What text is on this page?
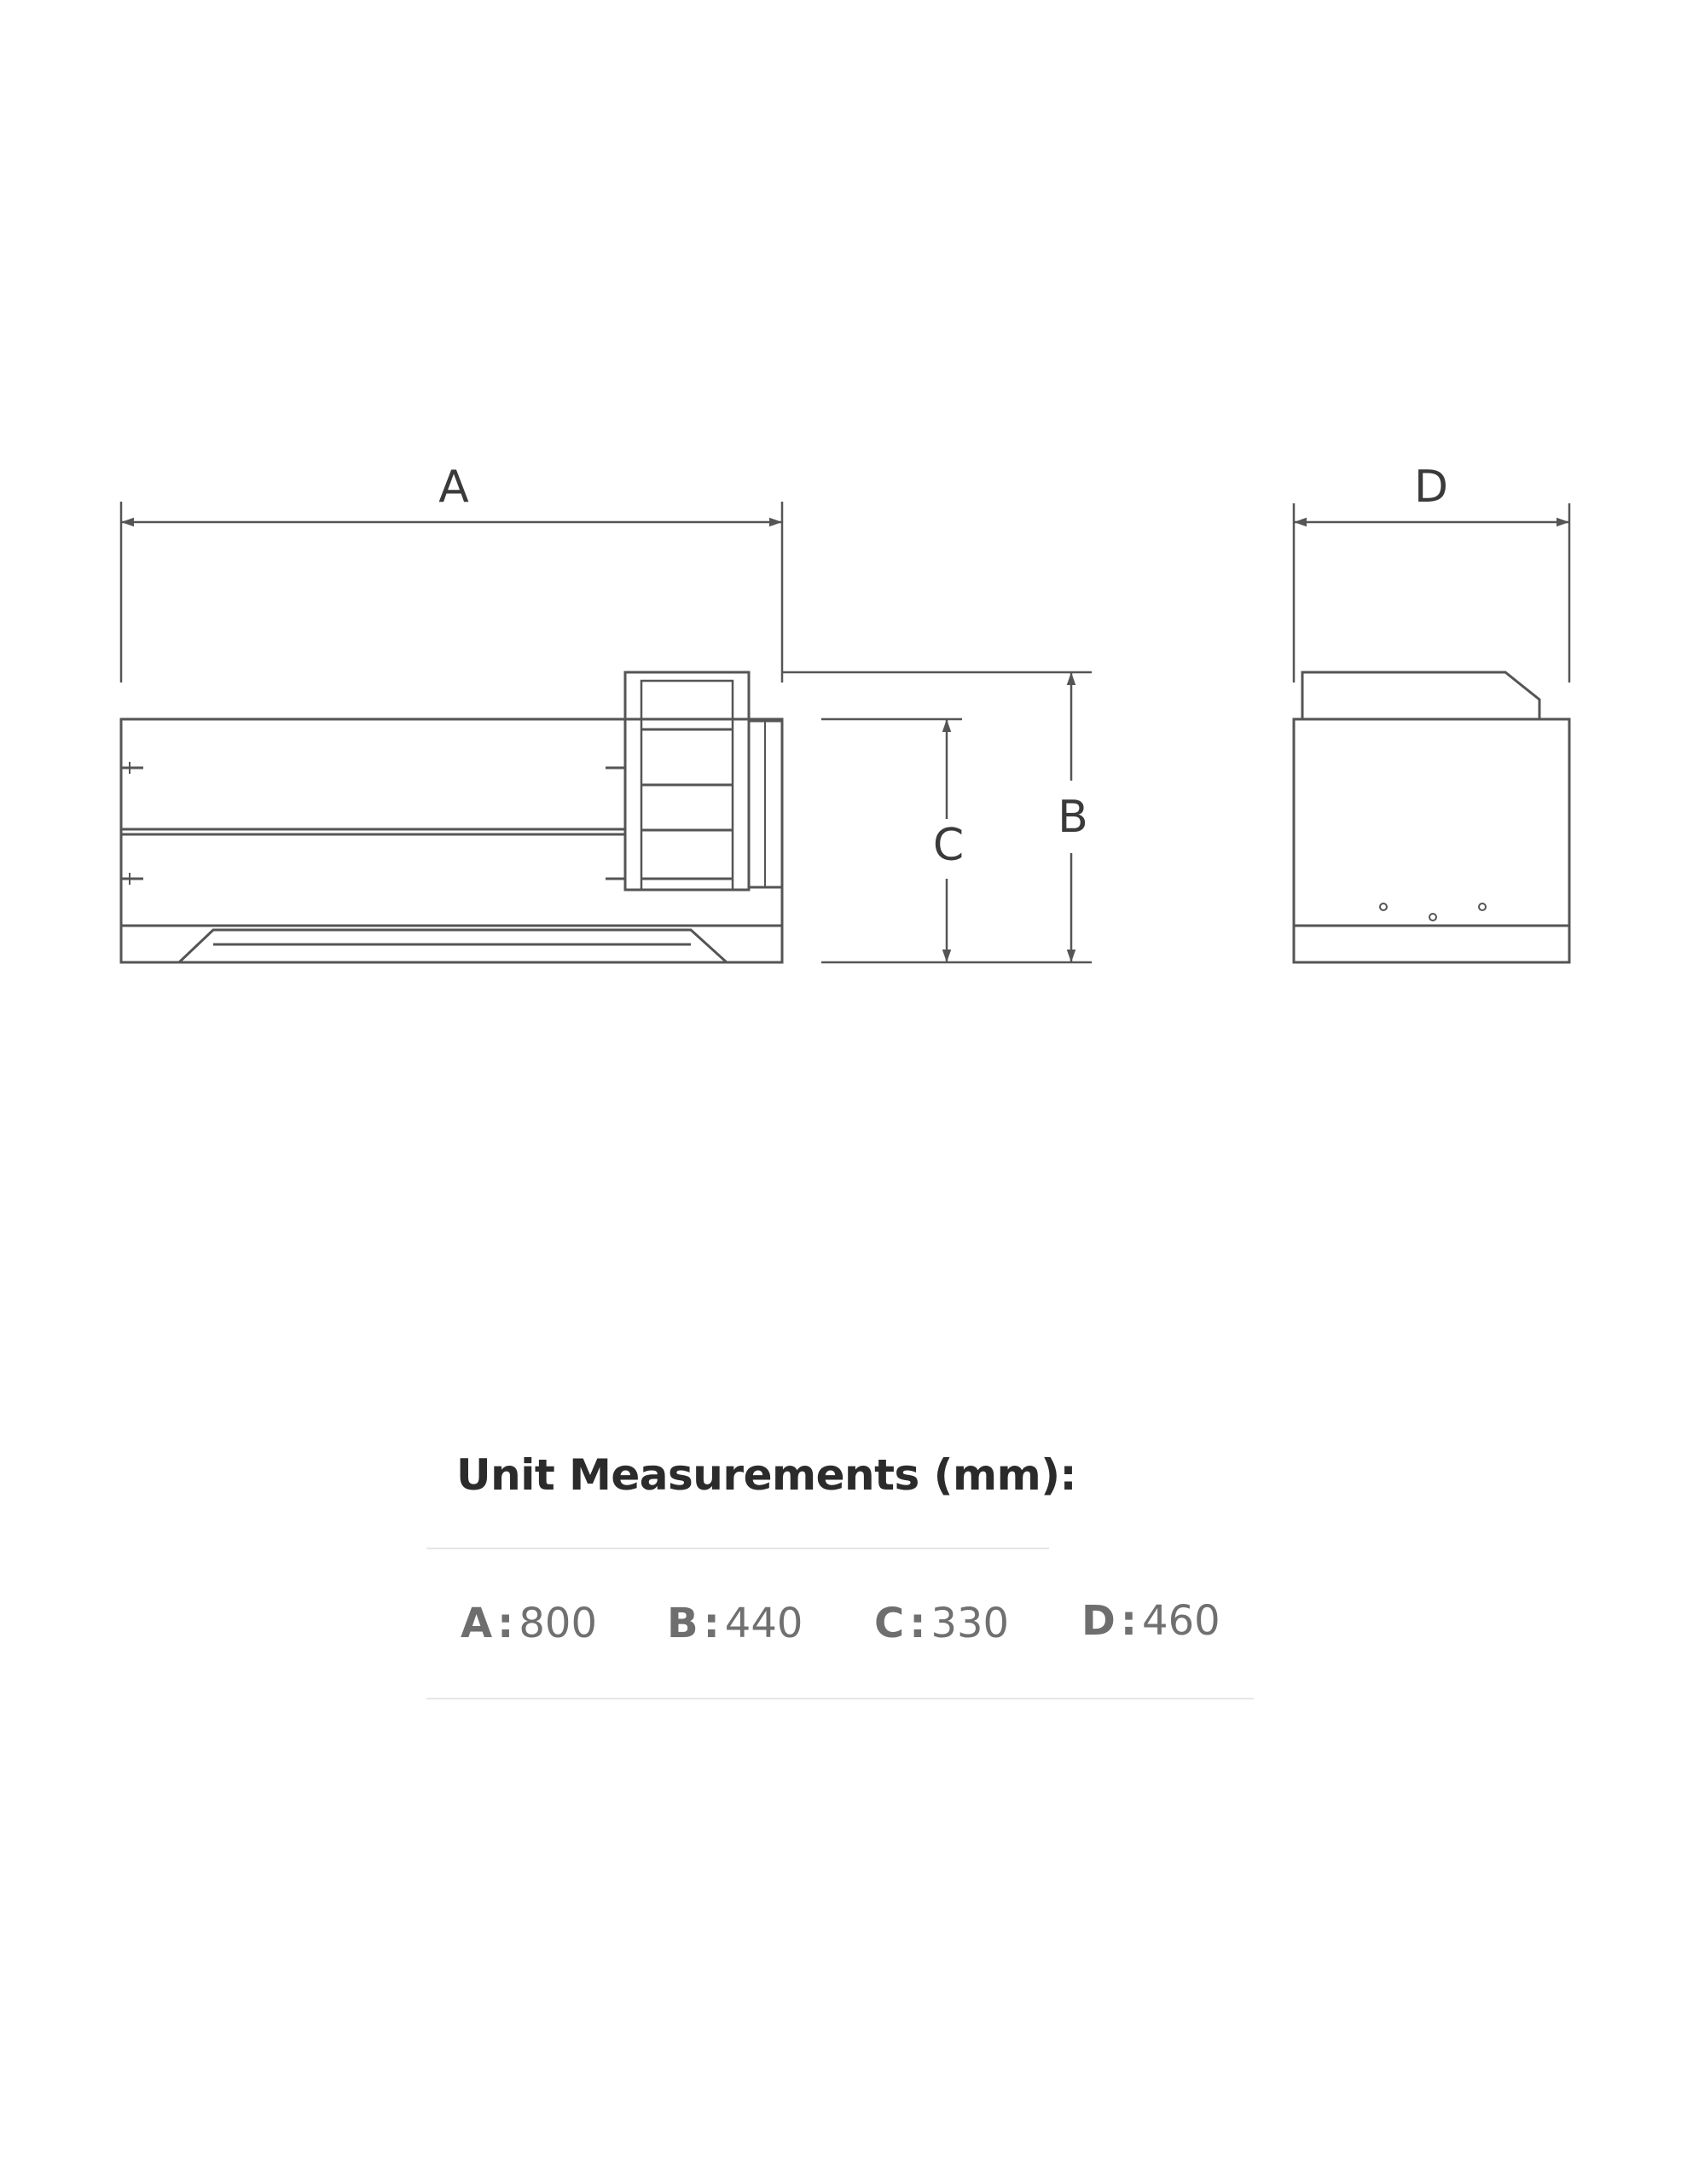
A	D
C
B
Unit Measurements (mm):
A : 800 B : 440 C : 330 D : 460
